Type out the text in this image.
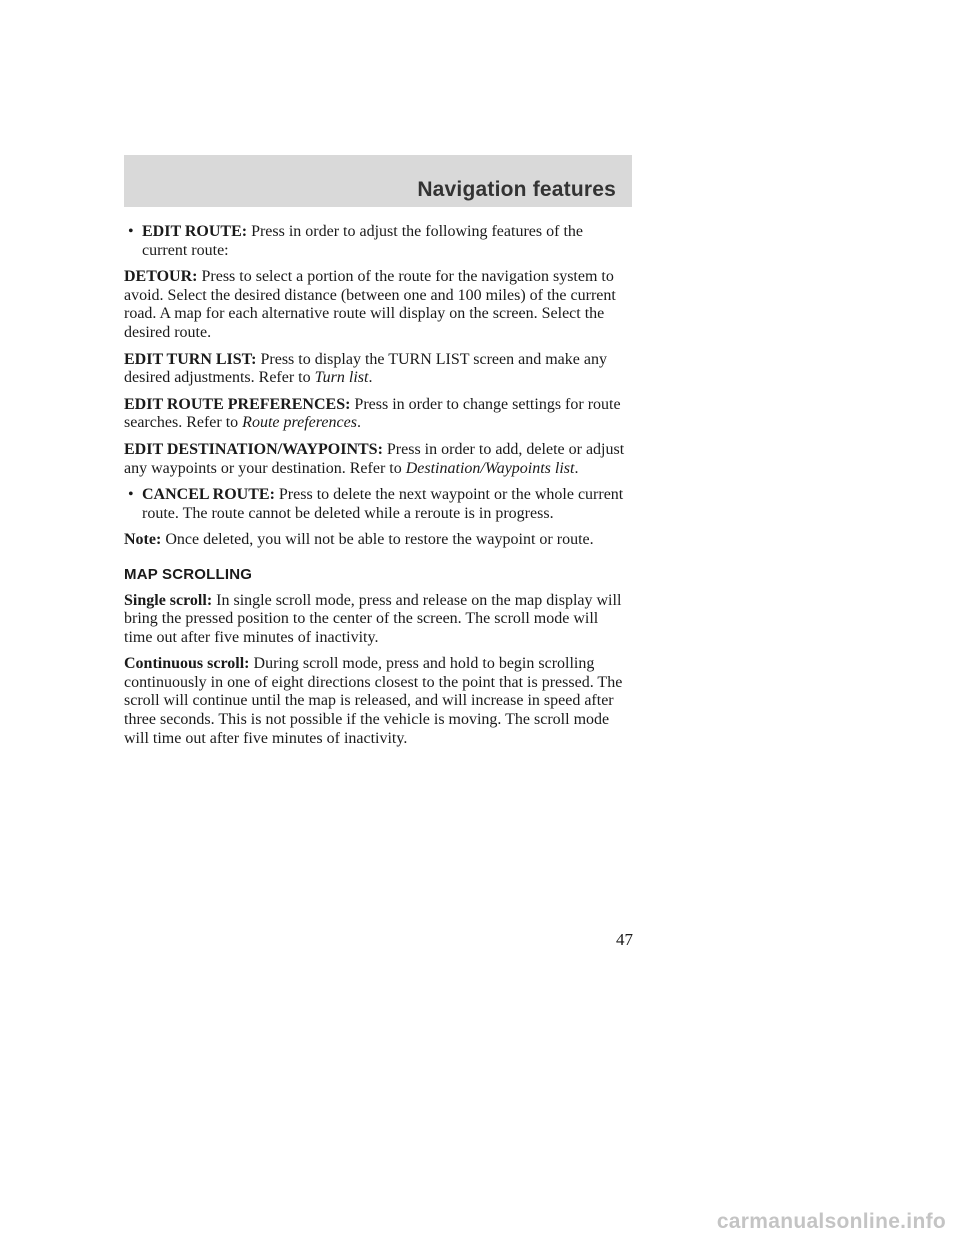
Navigation features
• EDIT ROUTE: Press in order to adjust the following features of the current route:

DETOUR: Press to select a portion of the route for the navigation system to avoid. Select the desired distance (between one and 100 miles) of the current road. A map for each alternative route will display on the screen. Select the desired route.

EDIT TURN LIST: Press to display the TURN LIST screen and make any desired adjustments. Refer to Turn list.

EDIT ROUTE PREFERENCES: Press in order to change settings for route searches. Refer to Route preferences.

EDIT DESTINATION/WAYPOINTS: Press in order to add, delete or adjust any waypoints or your destination. Refer to Destination/Waypoints list.

• CANCEL ROUTE: Press to delete the next waypoint or the whole current route. The route cannot be deleted while a reroute is in progress.

Note: Once deleted, you will not be able to restore the waypoint or route.

MAP SCROLLING

Single scroll: In single scroll mode, press and release on the map display will bring the pressed position to the center of the screen. The scroll mode will time out after five minutes of inactivity.

Continuous scroll: During scroll mode, press and hold to begin scrolling continuously in one of eight directions closest to the point that is pressed. The scroll will continue until the map is released, and will increase in speed after three seconds. This is not possible if the vehicle is moving. The scroll mode will time out after five minutes of inactivity.

47
carmanualsonline.info
